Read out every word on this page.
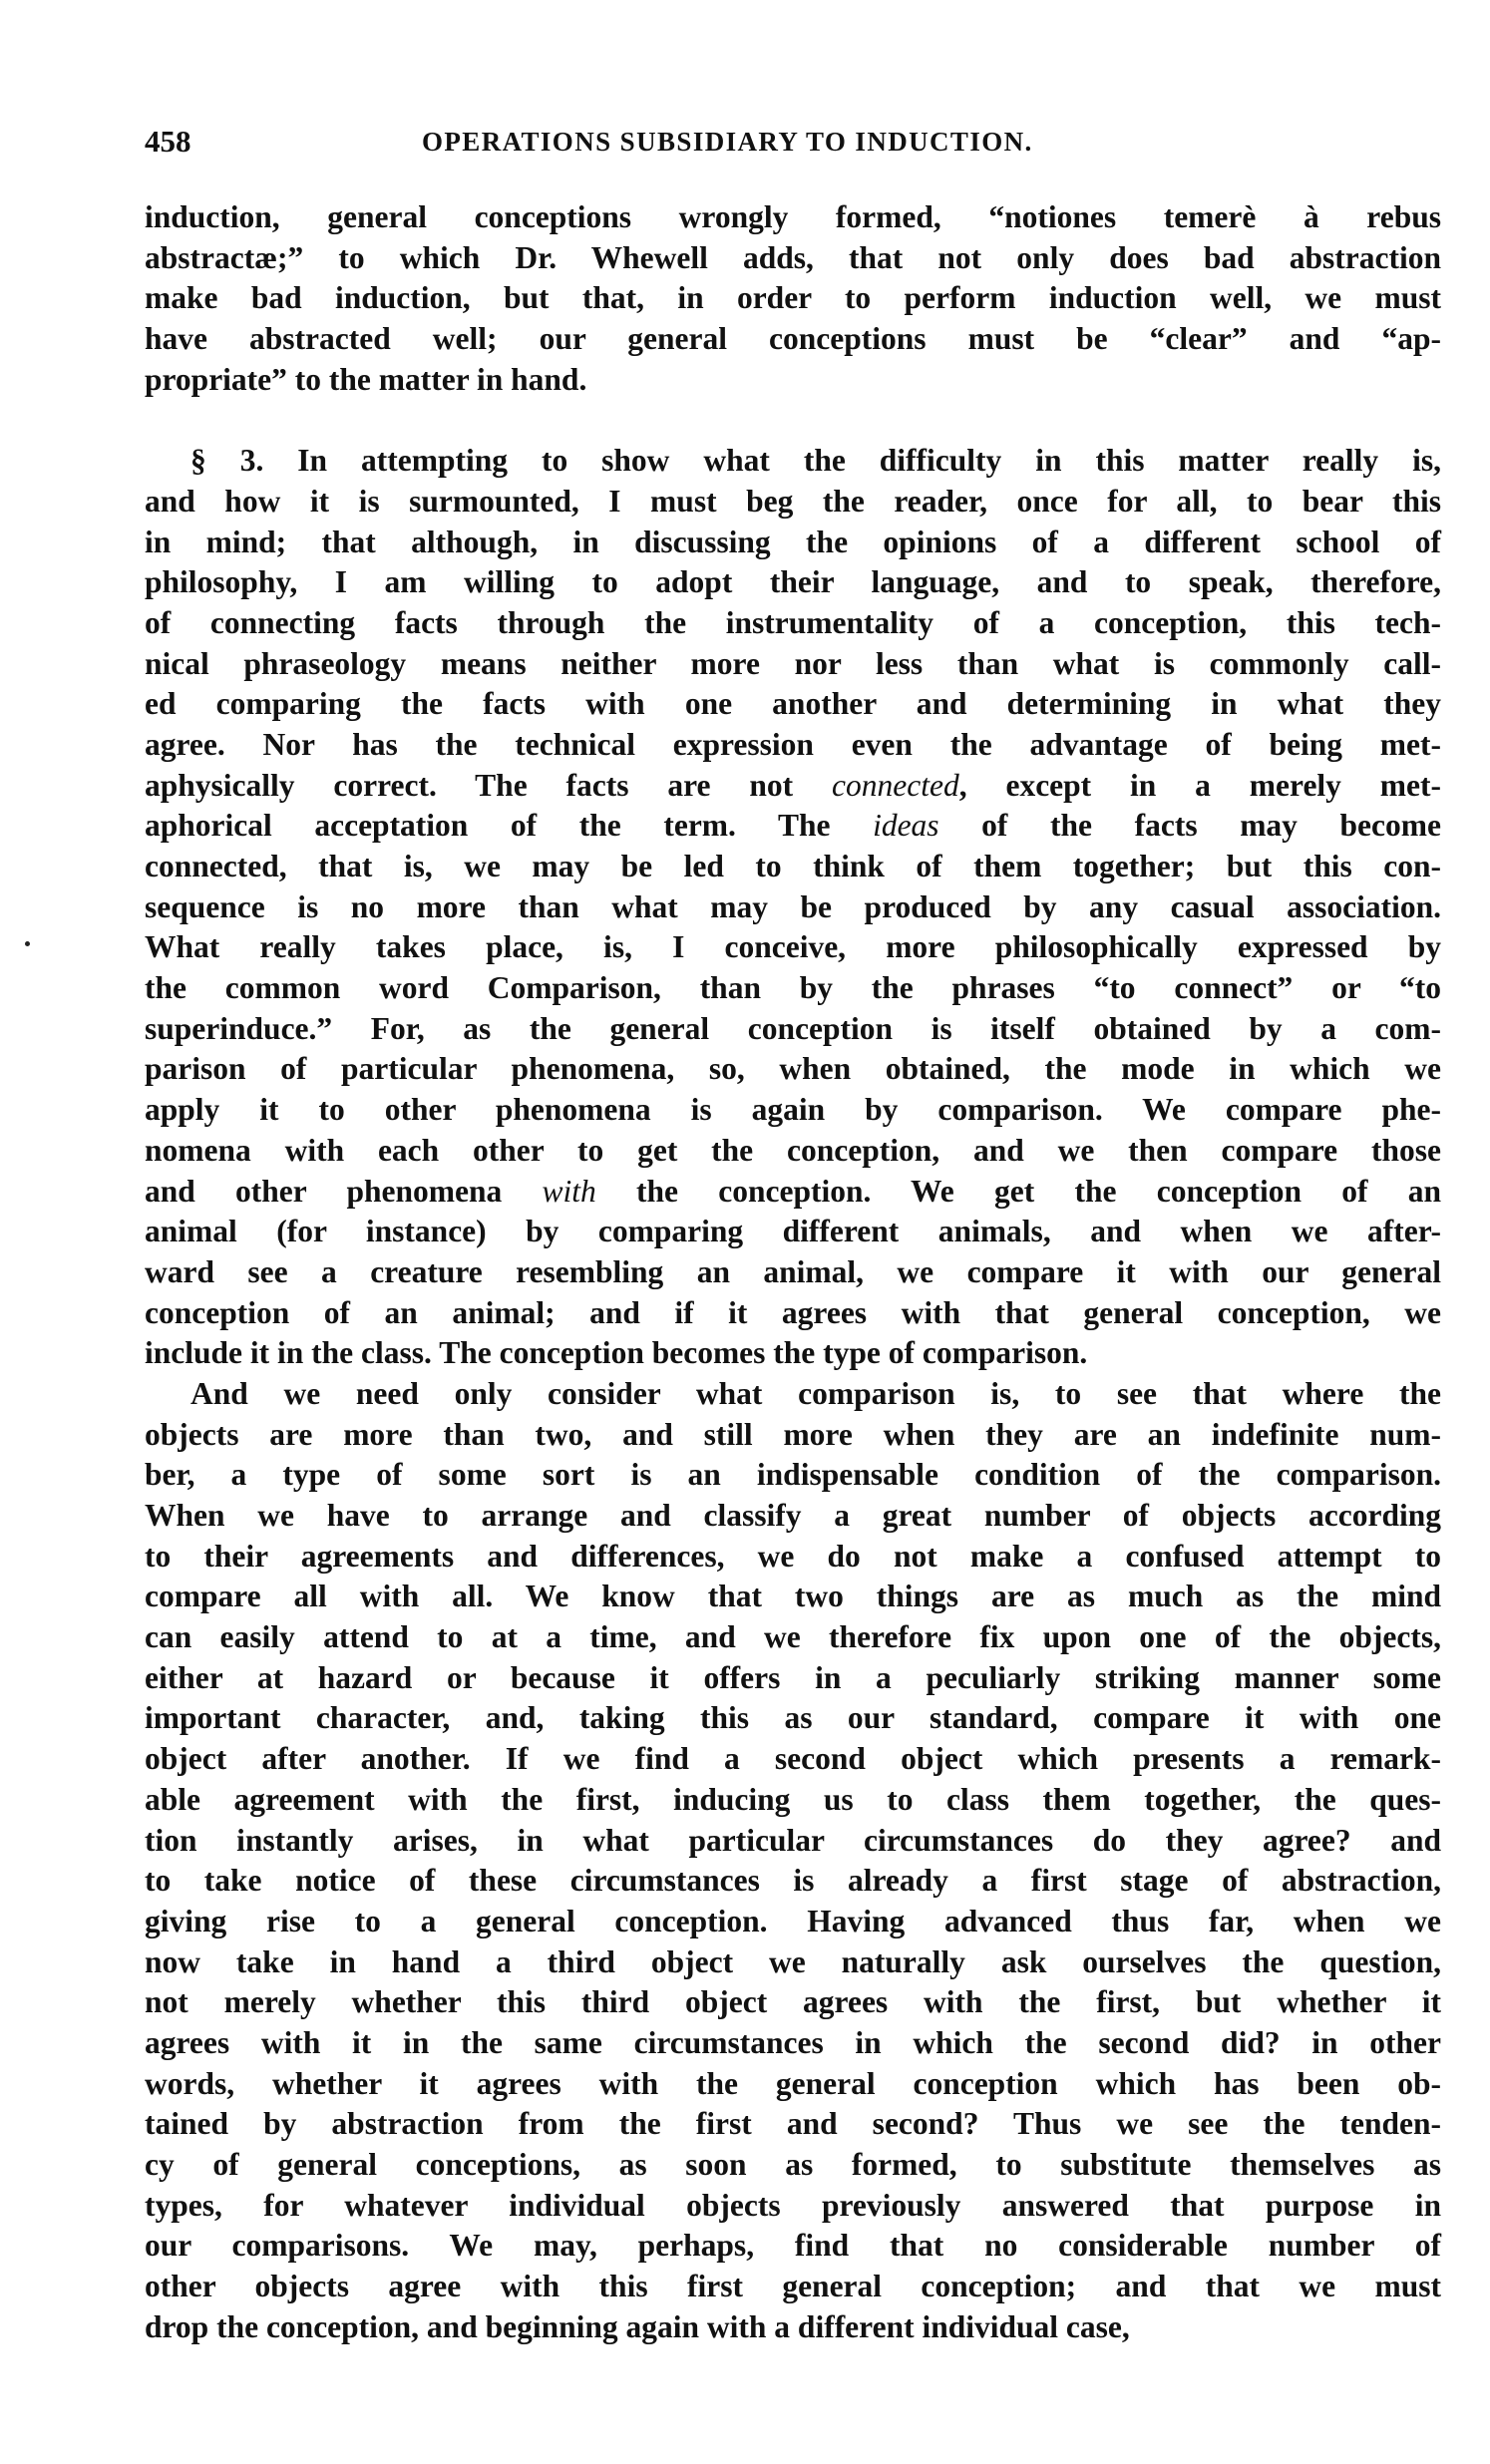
458	OPERATIONS SUBSIDIARY TO INDUCTION.
induction, general conceptions wrongly formed, “notiones temerè à rebus
abstractæ;” to which Dr. Whewell adds, that not only does bad abstraction
make bad induction, but that, in order to perform induction well, we must
have abstracted well; our general conceptions must be “clear” and “ap-
propriate” to the matter in hand.
§ 3. In attempting to show what the difficulty in this matter really is,
and how it is surmounted, I must beg the reader, once for all, to bear this
in mind; that although, in discussing the opinions of a different school of
philosophy, I am willing to adopt their language, and to speak, therefore,
of connecting facts through the instrumentality of a conception, this tech-
nical phraseology means neither more nor less than what is commonly call-
ed comparing the facts with one another and determining in what they
agree. Nor has the technical expression even the advantage of being met-
aphysically correct. The facts are not connected, except in a merely met-
aphorical acceptation of the term. The ideas of the facts may become
connected, that is, we may be led to think of them together; but this con-
sequence is no more than what may be produced by any casual association.
What really takes place, is, I conceive, more philosophically expressed by
the common word Comparison, than by the phrases “to connect” or “to
superinduce.” For, as the general conception is itself obtained by a com-
parison of particular phenomena, so, when obtained, the mode in which we
apply it to other phenomena is again by comparison. We compare phe-
nomena with each other to get the conception, and we then compare those
and other phenomena with the conception. We get the conception of an
animal (for instance) by comparing different animals, and when we after-
ward see a creature resembling an animal, we compare it with our general
conception of an animal; and if it agrees with that general conception, we
include it in the class. The conception becomes the type of comparison.
And we need only consider what comparison is, to see that where the
objects are more than two, and still more when they are an indefinite num-
ber, a type of some sort is an indispensable condition of the comparison.
When we have to arrange and classify a great number of objects according
to their agreements and differences, we do not make a confused attempt to
compare all with all. We know that two things are as much as the mind
can easily attend to at a time, and we therefore fix upon one of the objects,
either at hazard or because it offers in a peculiarly striking manner some
important character, and, taking this as our standard, compare it with one
object after another. If we find a second object which presents a remark-
able agreement with the first, inducing us to class them together, the ques-
tion instantly arises, in what particular circumstances do they agree? and
to take notice of these circumstances is already a first stage of abstraction,
giving rise to a general conception. Having advanced thus far, when we
now take in hand a third object we naturally ask ourselves the question,
not merely whether this third object agrees with the first, but whether it
agrees with it in the same circumstances in which the second did? in other
words, whether it agrees with the general conception which has been ob-
tained by abstraction from the first and second? Thus we see the tenden-
cy of general conceptions, as soon as formed, to substitute themselves as
types, for whatever individual objects previously answered that purpose in
our comparisons. We may, perhaps, find that no considerable number of
other objects agree with this first general conception; and that we must
drop the conception, and beginning again with a different individual case,
